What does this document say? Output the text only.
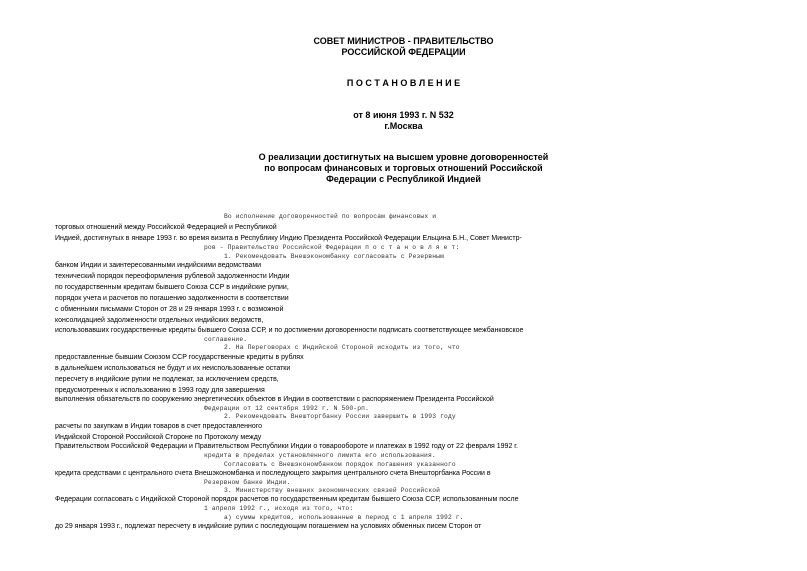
СОВЕТ МИНИСТРОВ - ПРАВИТЕЛЬСТВО
РОССИЙСКОЙ ФЕДЕРАЦИИ
П О С Т А Н О В Л Е Н И Е
от 8 июня 1993 г. N 532
г.Москва
О реализации достигнутых на высшем уровне договоренностей
по вопросам финансовых и торговых отношений Российской
Федерации с Республикой Индией
Во исполнение договоренностей по вопросам финансовых и
торговых отношений между Российской Федерацией и Республикой
Индией, достигнутых в январе 1993 г. во время визита в Республику Индию Президента Российской Федерации Ельцина Б.Н., Совет Министр-
ров - Правительство Российской Федерации п о с т а н о в л я е т:
1. Рекомендовать Внешэкономбанку согласовать с Резервным
банком Индии и заинтересованными индийскими ведомствами
технический порядок переоформления рублевой задолженности Индии
по государственным кредитам бывшего Союза ССР в индийские рупии,
порядок учета и расчетов по погашению задолженности в соответствии
с обменными письмами Сторон от 28 и 29 января 1993 г. с возможной
консолидацией задолженности отдельных индийских ведомств,
использовавших государственные кредиты бывшего Союза ССР, и по достижении договоренности подписать соответствующее межбанковское
соглашение.
2. На Переговорах с Индийской Стороной исходить из того, что
предоставленные бывшим Союзом ССР государственные кредиты в рублях
в дальнейшем использоваться не будут и их неиспользованные остатки
пересчету в индийские рупии не подлежат, за исключением средств,
предусмотренных к использованию в 1993 году для завершения
выполнения обязательств по сооружению энергетических объектов в Индии в соответствии с распоряжением Президента Российской
Федерации от 12 сентября 1992 г. N 500-рп.
2. Рекомендовать Внешторгбанку России завершить в 1993 году
расчеты по закупкам в Индии товаров в счет предоставленного
Индийской Стороной Российской Стороне по Протоколу между
Правительством Российской Федерации и Правительством Республики Индии о товарообороте и платежах в 1992 году от 22 февраля 1992 г.
кредита в пределах установленного лимита его использования.
Согласовать с Внешэкономбанком порядок погашения указанного
кредита средствами с центрального счета Внешэкономбанка и последующего закрытия центрального счета Внешторгбанка России в
Резервном банке Индии.
3. Министерству внешних экономических связей Российской
Федерации согласовать с Индийской Стороной порядок расчетов по государственным кредитам бывшего Союза ССР, использованным после
1 апреля 1992 г., исходя из того, что:
а) суммы кредитов, использованные в период с 1 апреля 1992 г.
до 29 января 1993 г., подлежат пересчету в индийские рупии с последующим погашением на условиях обменных писем Сторон от
